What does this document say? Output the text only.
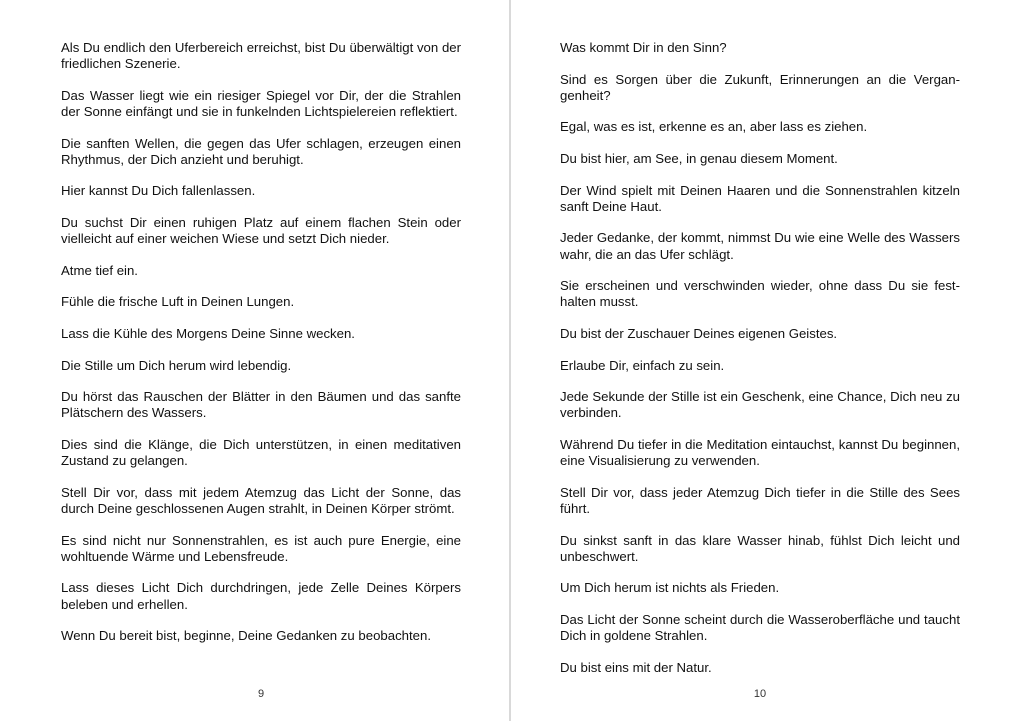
Als Du endlich den Uferbereich erreichst, bist Du überwältigt von der friedlichen Szenerie.

Das Wasser liegt wie ein riesiger Spiegel vor Dir, der die Strahlen der Sonne einfängt und sie in funkelnden Lichtspielereien reflektiert.

Die sanften Wellen, die gegen das Ufer schlagen, erzeugen einen Rhythmus, der Dich anzieht und beruhigt.

Hier kannst Du Dich fallenlassen.

Du suchst Dir einen ruhigen Platz auf einem flachen Stein oder vielleicht auf einer weichen Wiese und setzt Dich nieder.

Atme tief ein.

Fühle die frische Luft in Deinen Lungen.

Lass die Kühle des Morgens Deine Sinne wecken.

Die Stille um Dich herum wird lebendig.

Du hörst das Rauschen der Blätter in den Bäumen und das sanfte Plätschern des Wassers.

Dies sind die Klänge, die Dich unterstützen, in einen meditativen Zustand zu gelangen.

Stell Dir vor, dass mit jedem Atemzug das Licht der Sonne, das durch Deine geschlossenen Augen strahlt, in Deinen Körper strömt.

Es sind nicht nur Sonnenstrahlen, es ist auch pure Energie, eine wohltuende Wärme und Lebensfreude.

Lass dieses Licht Dich durchdringen, jede Zelle Deines Körpers beleben und erhellen.

Wenn Du bereit bist, beginne, Deine Gedanken zu beobachten.

9

Was kommt Dir in den Sinn?

Sind es Sorgen über die Zukunft, Erinnerungen an die Vergangenheit?

Egal, was es ist, erkenne es an, aber lass es ziehen.

Du bist hier, am See, in genau diesem Moment.

Der Wind spielt mit Deinen Haaren und die Sonnenstrahlen kitzeln sanft Deine Haut.

Jeder Gedanke, der kommt, nimmst Du wie eine Welle des Wassers wahr, die an das Ufer schlägt.

Sie erscheinen und verschwinden wieder, ohne dass Du sie festhalten musst.

Du bist der Zuschauer Deines eigenen Geistes.

Erlaube Dir, einfach zu sein.

Jede Sekunde der Stille ist ein Geschenk, eine Chance, Dich neu zu verbinden.

Während Du tiefer in die Meditation eintauchst, kannst Du beginnen, eine Visualisierung zu verwenden.

Stell Dir vor, dass jeder Atemzug Dich tiefer in die Stille des Sees führt.

Du sinkst sanft in das klare Wasser hinab, fühlst Dich leicht und unbeschwert.

Um Dich herum ist nichts als Frieden.

Das Licht der Sonne scheint durch die Wasseroberfläche und taucht Dich in goldene Strahlen.

Du bist eins mit der Natur.

10
